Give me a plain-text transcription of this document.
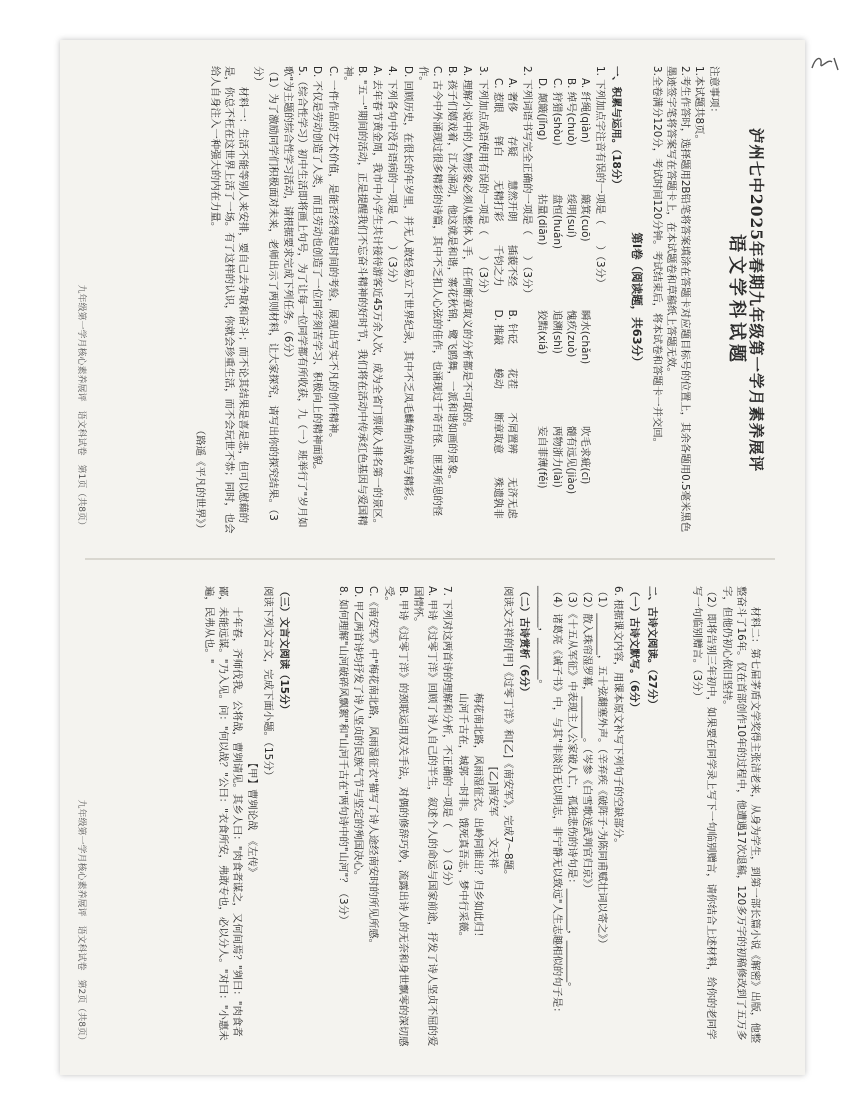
泸州七中2025年春期九年级第一学月素养展评

语文学科试题

注意事项：

1.本试题共8页。

2.考生作答时，选择题用2B铅笔将答案填涂在答题卡对应题目标号的位置上，其余各题用0.5毫米黑色墨迹签字笔将答案写在答题卡上，在本试题卷和草稿纸上答题无效。

3.全卷满分120分，考试时间120分钟。考试结束后，将本试卷和答题卡一并交回。

第Ⅰ卷（阅读题，共63分）

一、积累与运用。（18分）

1. 下列加点字注音有误的一项是（　　）（3分）

A. 纤绳(qiàn)
簸箕(cuō)
瞬水(chǎn)
吹毛求疵(cī)
B. 绰号(chuò)
绥明(suí)
愧疚(zuò)
髓有远见(jiào)
C. 狩猎(shòu)
盘恒(huán)
追溯(shì)
两物浙力(lài)
D. 颠簸(jǐng)
拈量(diān)
狡黠(xiá)
妄自菲薄(fěi)

2. 下列词语书写完全正确的一项是（　　）（3分）

A. 奢侈
存疑
慧然开朗
插藐不经
B. 针砭
花茬
不屑置辨
无济无虑
C. 惹眼
铎白
无精打彩
千钧之力
D. 推敲
蜷动
断章取意
殊遗孰非

3. 下列加点成语使用有误的一项是（　　）（3分）

A. 理解小说中的人物形象必须从整体入手，任何断章取义的分析都是不可取的。

B. 孩子们嬉戏着，江水涌动，他这就是和谐，寨花秋锦，鹭飞鸥舞，一派和谐如画的景象。

C. 古今中外涌现过很多精彩的诗篇，其中不乏扣人心弦的佳作，也涌现过千奇百怪、匪夷所思的怪作。

D. 回顾历史，在很长的年岁里，并无人敢轻易立下世界纪录，其中不乏凤毛麟角的成就与精彩。

4. 下列各句中没有语病的一项是（　　）（3分）

A. 去年春节黄金周，我市中小学生共计接待游客近45万余人次，成为全省门票收入排名第一的景区。

B. "五一"期间的活动，正是提醒我们不忘奋斗精神的好时节，我们将在活动中传承红色基因与爱国精神。

C. 一件作品的艺术价值，是能否经得起时间的考验，展现出写实不凡的创作精神。

D. 不仅是劳动创造了人类，而且劳动也创造了一位同学刻苦学习、积极向上的精神面貌。

5.（综合性学习）初中生活即将画上句号，为了让每一位同学都有所收获，九（一）班举行了"岁月如歌"为主题的综合性学习活动，请根据要求完成下列任务。（6分）

（1）为了激励同学们积极面对未来，老师出示了两则材料，让大家探究，请写出你的探究结果。（3分）

材料一：生活不能等别人来安排，要自己去争取和奋斗；而不论其结果是喜是悲，但可以慰藉的是，你总不枉在这世界上活了一场。有了这样的认识，你就会珍重生活，而不会玩世不恭；同时，也会给人自身注入一种强大的内在力量。

（路遥《平凡的世界》）

九年级第一学月核心素养展评　语文科试卷　第1页（共8页）

材料二：第七届茅盾文学奖得主张洁老来，从身为学生，到第一部长篇小说《解密》出版，他整整奋斗了16年。仅在首部创作10年的过程中，他遭遇17次退稿，120多万字的初稿修改到了五万多字，但他仍初心依旧坚持。

（2）即将告别三年初中，如果要在同学录上写下一句临别赠言，请你结合上述材料，给你的老同学写一句临别赠言。（3分）

二、古诗文阅读。（27分）

（一）古诗文默写。（6分）

6. 根据课文内容，用课本原文补写下列句子的空缺部分。

（1）________，五十弦翻塞外声。（辛弃疾《破阵子·为陈同甫赋壮词以寄之》）

（2）散入珠帘湿罗幕，________。（岑参《白雪歌送武判官归京》）

（3）《十五从军征》中表现主人公家破人亡，孤独悲伤的诗句是：________，________。

（4）诸葛亮《诫子书》中，与其"非淡泊无以明志，非宁静无以致远"人生志趣相似的句子是：________，________。

（二）古诗赏析（6分）

阅读文天祥的[甲]《过零丁洋》和[乙]《南安军》，完成7～8题。

[乙]南安军　　文天祥

梅花南北路，风雨湿征衣。出岭同谁出？归乡如此归！

山河千古在，城郭一时非。饿死真吾志，梦中行采薇。

7. 下列对这两首诗的理解和分析，不正确的一项是（　　）（3分）

A. 甲诗《过零丁洋》回顾了诗人自己的半生，叙述个人的命运与国家前途，抒发了诗人坚贞不屈的爱国情怀。

B. 甲诗《过零丁洋》的颈联运用双关手法，对偶的修辞巧妙，流露出诗人的无奈和身世飘零的深切感受。

C.《南安军》中"梅花南北路，风雨湿征衣"描写了诗人途经南安时的所见所感。

D. 甲乙两首诗均抒发了诗人坚贞的民族气节与坚定的殉国决心。

8. 如何理解"山河破碎风飘絮"和"山河千古在"两句诗中的"山河"？（3分）

（三）文言文阅读（15分）

阅读下列文言文，完成下面小题。（15分）

【甲】曹刿论战　《左传》

十年春，齐师伐我。公将战，曹刿请见。其乡人曰："肉食者谋之，又何间焉？"刿曰："肉食者鄙，未能远谋。"乃入见。问："何以战？"公曰："衣食所安，弗敢专也，必以分人。"对曰："小惠未遍，民弗从也。"

九年级第一学月核心素养展评　语文科试卷　第2页（共8页）
